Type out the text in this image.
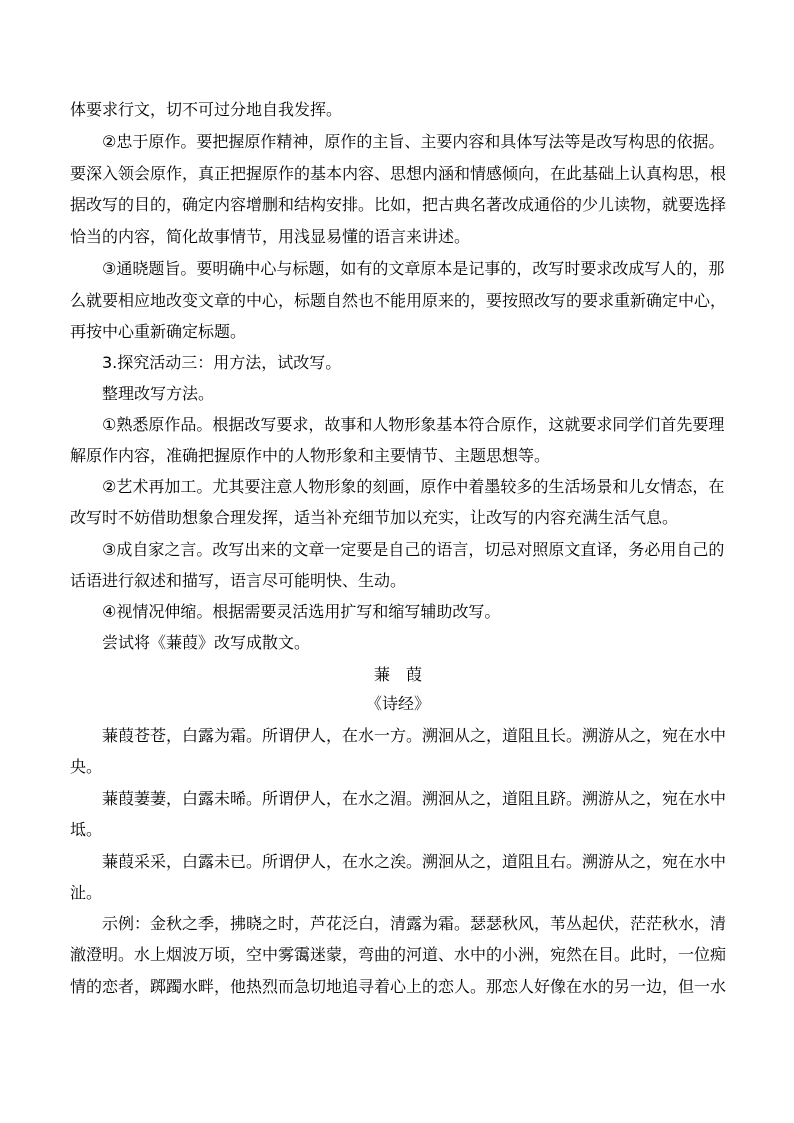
体要求行文，切不可过分地自我发挥。
②忠于原作。要把握原作精神，原作的主旨、主要内容和具体写法等是改写构思的依据。
要深入领会原作，真正把握原作的基本内容、思想内涵和情感倾向，在此基础上认真构思，根
据改写的目的，确定内容增删和结构安排。比如，把古典名著改成通俗的少儿读物，就要选择
恰当的内容，简化故事情节，用浅显易懂的语言来讲述。
③通晓题旨。要明确中心与标题，如有的文章原本是记事的，改写时要求改成写人的，那
么就要相应地改变文章的中心，标题自然也不能用原来的，要按照改写的要求重新确定中心，
再按中心重新确定标题。
3.探究活动三：用方法，试改写。
整理改写方法。
①熟悉原作品。根据改写要求，故事和人物形象基本符合原作，这就要求同学们首先要理
解原作内容，准确把握原作中的人物形象和主要情节、主题思想等。
②艺术再加工。尤其要注意人物形象的刻画，原作中着墨较多的生活场景和儿女情态，在
改写时不妨借助想象合理发挥，适当补充细节加以充实，让改写的内容充满生活气息。
③成自家之言。改写出来的文章一定要是自己的语言，切忌对照原文直译，务必用自己的
话语进行叙述和描写，语言尽可能明快、生动。
④视情况伸缩。根据需要灵活选用扩写和缩写辅助改写。
尝试将《蒹葭》改写成散文。
蒹　葭
《诗经》
蒹葭苍苍，白露为霜。所谓伊人，在水一方。溯洄从之，道阻且长。溯游从之，宛在水中
央。
蒹葭萋萋，白露未晞。所谓伊人，在水之湄。溯洄从之，道阻且跻。溯游从之，宛在水中
坻。
蒹葭采采，白露未已。所谓伊人，在水之涘。溯洄从之，道阻且右。溯游从之，宛在水中
沚。
示例：金秋之季，拂晓之时，芦花泛白，清露为霜。瑟瑟秋风，苇丛起伏，茫茫秋水，清
澈澄明。水上烟波万顷，空中雾霭迷蒙，弯曲的河道、水中的小洲，宛然在目。此时，一位痴
情的恋者，踯躅水畔，他热烈而急切地追寻着心上的恋人。那恋人好像在水的另一边，但一水
